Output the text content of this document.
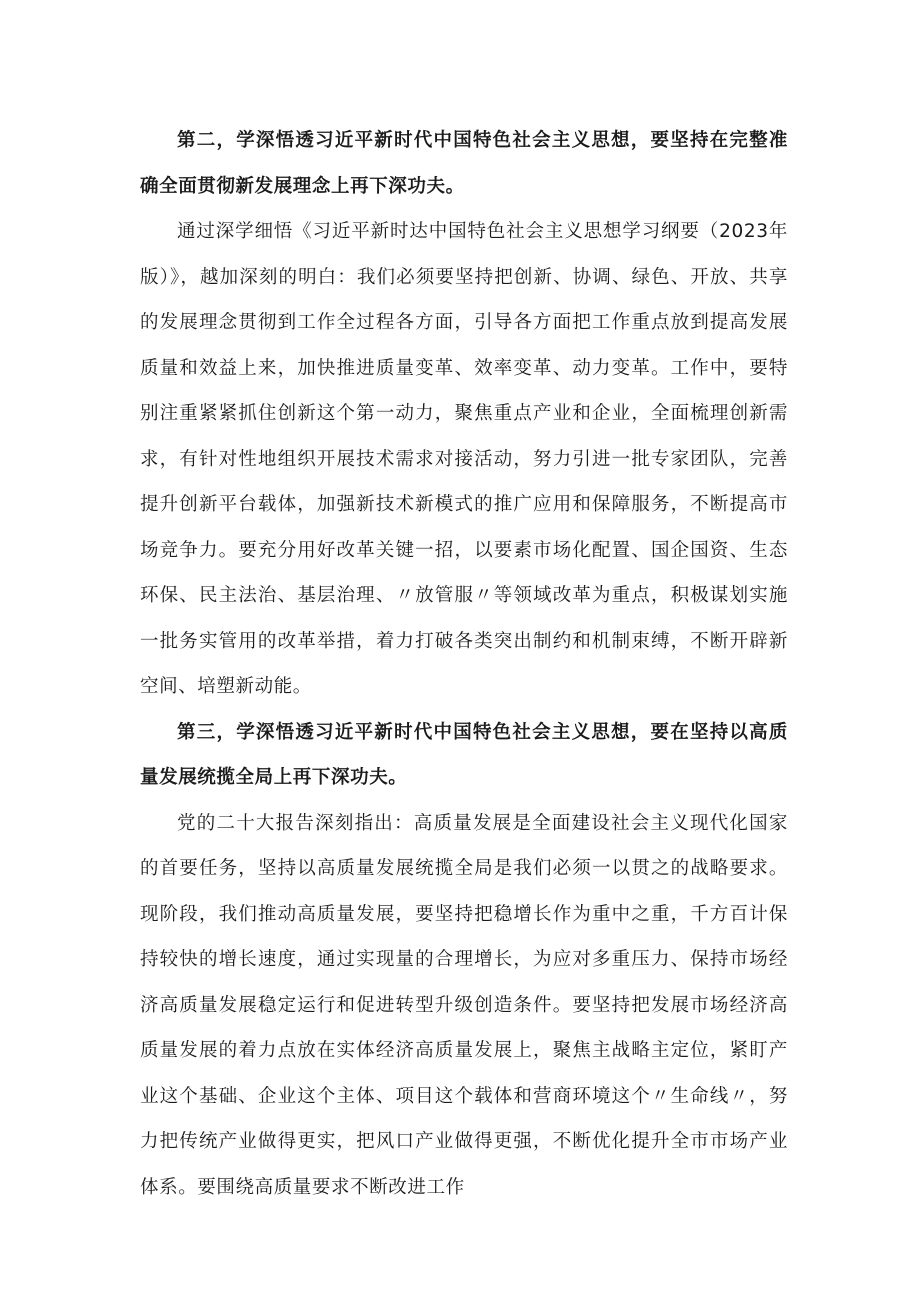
第二，学深悟透习近平新时代中国特色社会主义思想，要坚持在完整准确全面贯彻新发展理念上再下深功夫。

通过深学细悟《习近平新时达中国特色社会主义思想学习纲要（2023年版）》，越加深刻的明白：我们必须要坚持把创新、协调、绿色、开放、共享的发展理念贯彻到工作全过程各方面，引导各方面把工作重点放到提高发展质量和效益上来，加快推进质量变革、效率变革、动力变革。工作中，要特别注重紧紧抓住创新这个第一动力，聚焦重点产业和企业，全面梳理创新需求，有针对性地组织开展技术需求对接活动，努力引进一批专家团队，完善提升创新平台载体，加强新技术新模式的推广应用和保障服务，不断提高市场竞争力。要充分用好改革关键一招，以要素市场化配置、国企国资、生态环保、民主法治、基层治理、〃放管服〃等领域改革为重点，积极谋划实施一批务实管用的改革举措，着力打破各类突出制约和机制束缚，不断开辟新空间、培塑新动能。

第三，学深悟透习近平新时代中国特色社会主义思想，要在坚持以高质量发展统揽全局上再下深功夫。

党的二十大报告深刻指出：高质量发展是全面建设社会主义现代化国家的首要任务，坚持以高质量发展统揽全局是我们必须一以贯之的战略要求。现阶段，我们推动高质量发展，要坚持把稳增长作为重中之重，千方百计保持较快的增长速度，通过实现量的合理增长，为应对多重压力、保持市场经济高质量发展稳定运行和促进转型升级创造条件。要坚持把发展市场经济高质量发展的着力点放在实体经济高质量发展上，聚焦主战略主定位，紧盯产业这个基础、企业这个主体、项目这个载体和营商环境这个〃生命线〃，努力把传统产业做得更实，把风口产业做得更强，不断优化提升全市市场产业体系。要围绕高质量要求不断改进工作
